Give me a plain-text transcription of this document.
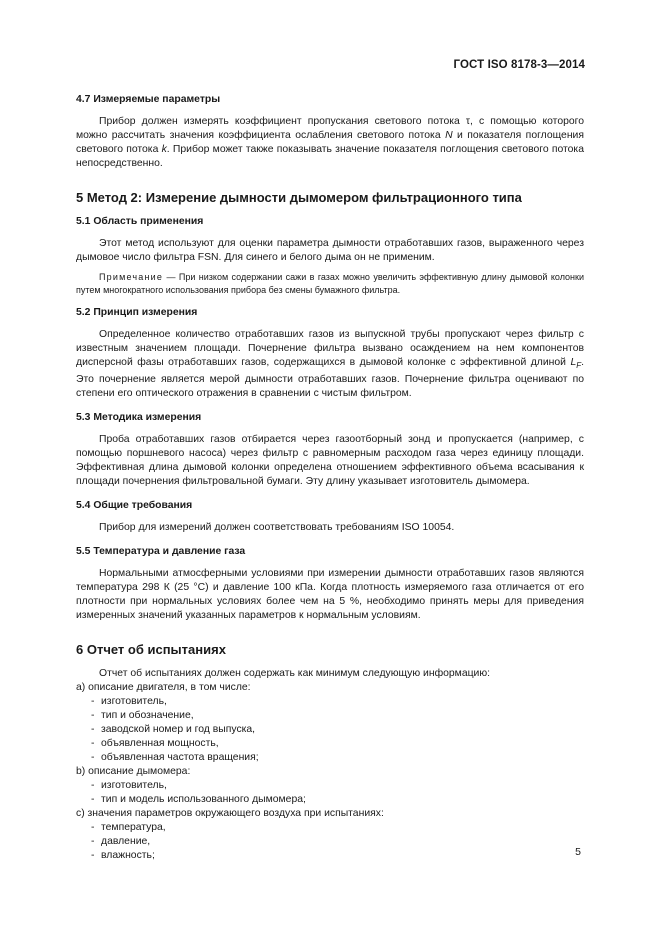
ГОСТ ISO 8178-3—2014
4.7 Измеряемые параметры
Прибор должен измерять коэффициент пропускания светового потока τ, с помощью которого можно рассчитать значения коэффициента ослабления светового потока N и показателя поглощения светового потока k. Прибор может также показывать значение показателя поглощения светового потока непосредственно.
5 Метод 2: Измерение дымности дымомером фильтрационного типа
5.1 Область применения
Этот метод используют для оценки параметра дымности отработавших газов, выраженного через дымовое число фильтра FSN. Для синего и белого дыма он не применим.
Примечание — При низком содержании сажи в газах можно увеличить эффективную длину дымовой колонки путем многократного использования прибора без смены бумажного фильтра.
5.2 Принцип измерения
Определенное количество отработавших газов из выпускной трубы пропускают через фильтр с известным значением площади. Почернение фильтра вызвано осаждением на нем компонентов дисперсной фазы отработавших газов, содержащихся в дымовой колонке с эффективной длиной $L_F$. Это почернение является мерой дымности отработавших газов. Почернение фильтра оценивают по степени его оптического отражения в сравнении с чистым фильтром.
5.3 Методика измерения
Проба отработавших газов отбирается через газоотборный зонд и пропускается (например, с помощью поршневого насоса) через фильтр с равномерным расходом газа через единицу площади. Эффективная длина дымовой колонки определена отношением эффективного объема всасывания к площади почернения фильтровальной бумаги. Эту длину указывает изготовитель дымомера.
5.4 Общие требования
Прибор для измерений должен соответствовать требованиям ISO 10054.
5.5 Температура и давление газа
Нормальными атмосферными условиями при измерении дымности отработавших газов являются температура 298 К (25 °С) и давление 100 кПа. Когда плотность измеряемого газа отличается от его плотности при нормальных условиях более чем на 5 %, необходимо принять меры для приведения измеренных значений указанных параметров к нормальным условиям.
6 Отчет об испытаниях
Отчет об испытаниях должен содержать как минимум следующую информацию:
а) описание двигателя, в том числе:
- изготовитель,
- тип и обозначение,
- заводской номер и год выпуска,
- объявленная мощность,
- объявленная частота вращения;
b) описание дымомера:
- изготовитель,
- тип и модель использованного дымомера;
с) значения параметров окружающего воздуха при испытаниях:
- температура,
- давление,
- влажность;	5
